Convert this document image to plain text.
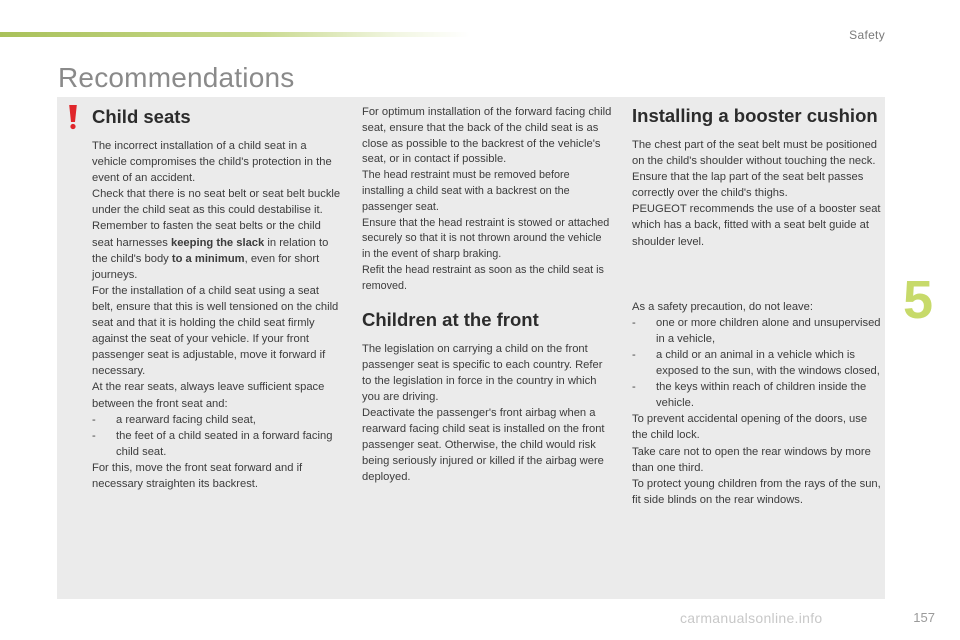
Safety
Recommendations
Child seats

The incorrect installation of a child seat in a vehicle compromises the child's protection in the event of an accident.

Check that there is no seat belt or seat belt buckle under the child seat as this could destabilise it.

Remember to fasten the seat belts or the child seat harnesses keeping the slack in relation to the child's body to a minimum, even for short journeys.

For the installation of a child seat using a seat belt, ensure that this is well tensioned on the child seat and that it is holding the child seat firmly against the seat of your vehicle. If your front passenger seat is adjustable, move it forward if necessary.

At the rear seats, always leave sufficient space between the front seat and:

-	a rearward facing child seat,
-	the feet of a child seated in a forward facing child seat.

For this, move the front seat forward and if necessary straighten its backrest.

For optimum installation of the forward facing child seat, ensure that the back of the child seat is as close as possible to the backrest of the vehicle's seat, or in contact if possible.

The head restraint must be removed before installing a child seat with a backrest on the passenger seat.

Ensure that the head restraint is stowed or attached securely so that it is not thrown around the vehicle in the event of sharp braking.

Refit the head restraint as soon as the child seat is removed.

Children at the front

The legislation on carrying a child on the front passenger seat is specific to each country. Refer to the legislation in force in the country in which you are driving.

Deactivate the passenger's front airbag when a rearward facing child seat is installed on the front passenger seat. Otherwise, the child would risk being seriously injured or killed if the airbag were deployed.

Installing a booster cushion

The chest part of the seat belt must be positioned on the child's shoulder without touching the neck.

Ensure that the lap part of the seat belt passes correctly over the child's thighs.

PEUGEOT recommends the use of a booster seat which has a back, fitted with a seat belt guide at shoulder level.

As a safety precaution, do not leave:

-	one or more children alone and unsupervised in a vehicle,
-	a child or an animal in a vehicle which is exposed to the sun, with the windows closed,
-	the keys within reach of children inside the vehicle.

To prevent accidental opening of the doors, use the child lock.

Take care not to open the rear windows by more than one third.

To protect young children from the rays of the sun, fit side blinds on the rear windows.

5
carmanualsonline.info	157
